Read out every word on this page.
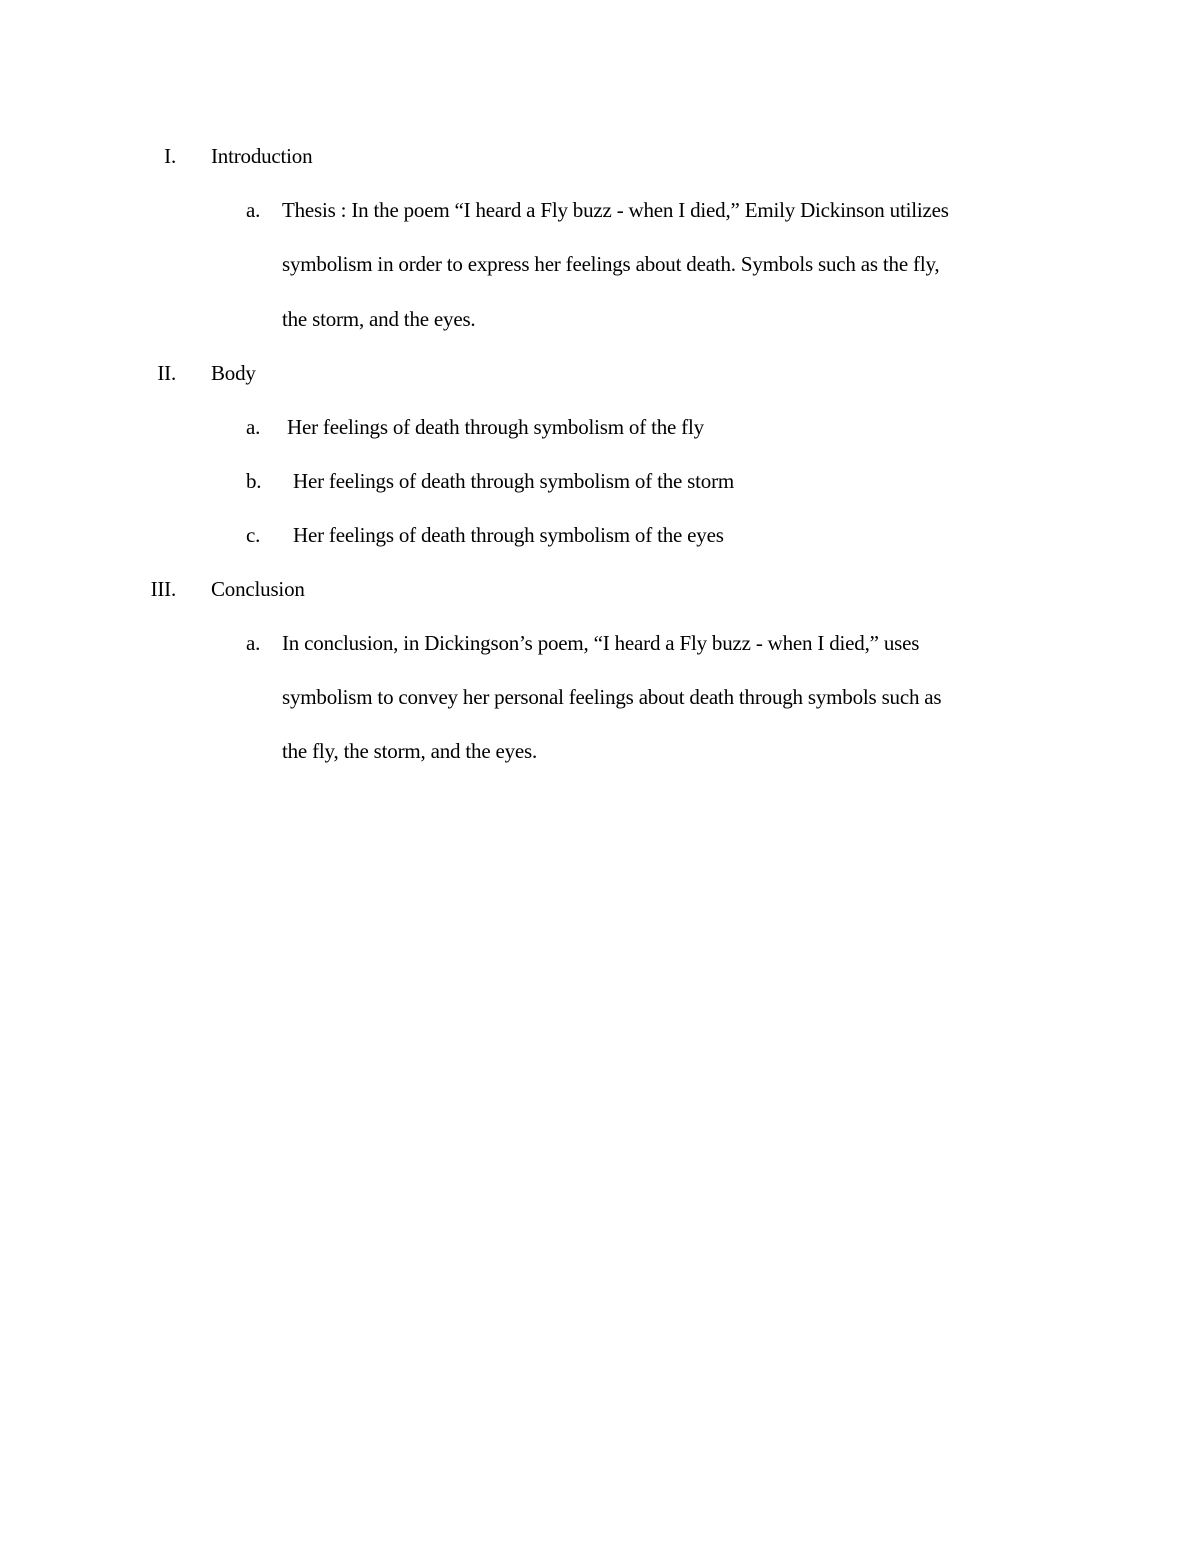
I. Introduction
a. Thesis : In the poem “I heard a Fly buzz - when I died,” Emily Dickinson utilizes
symbolism in order to express her feelings about death. Symbols such as the fly,
the storm, and the eyes.
II. Body
a. Her feelings of death through symbolism of the fly
b. Her feelings of death through symbolism of the storm
c. Her feelings of death through symbolism of the eyes
III. Conclusion
a. In conclusion, in Dickingson’s poem, “I heard a Fly buzz - when I died,” uses
symbolism to convey her personal feelings about death through symbols such as
the fly, the storm, and the eyes.
